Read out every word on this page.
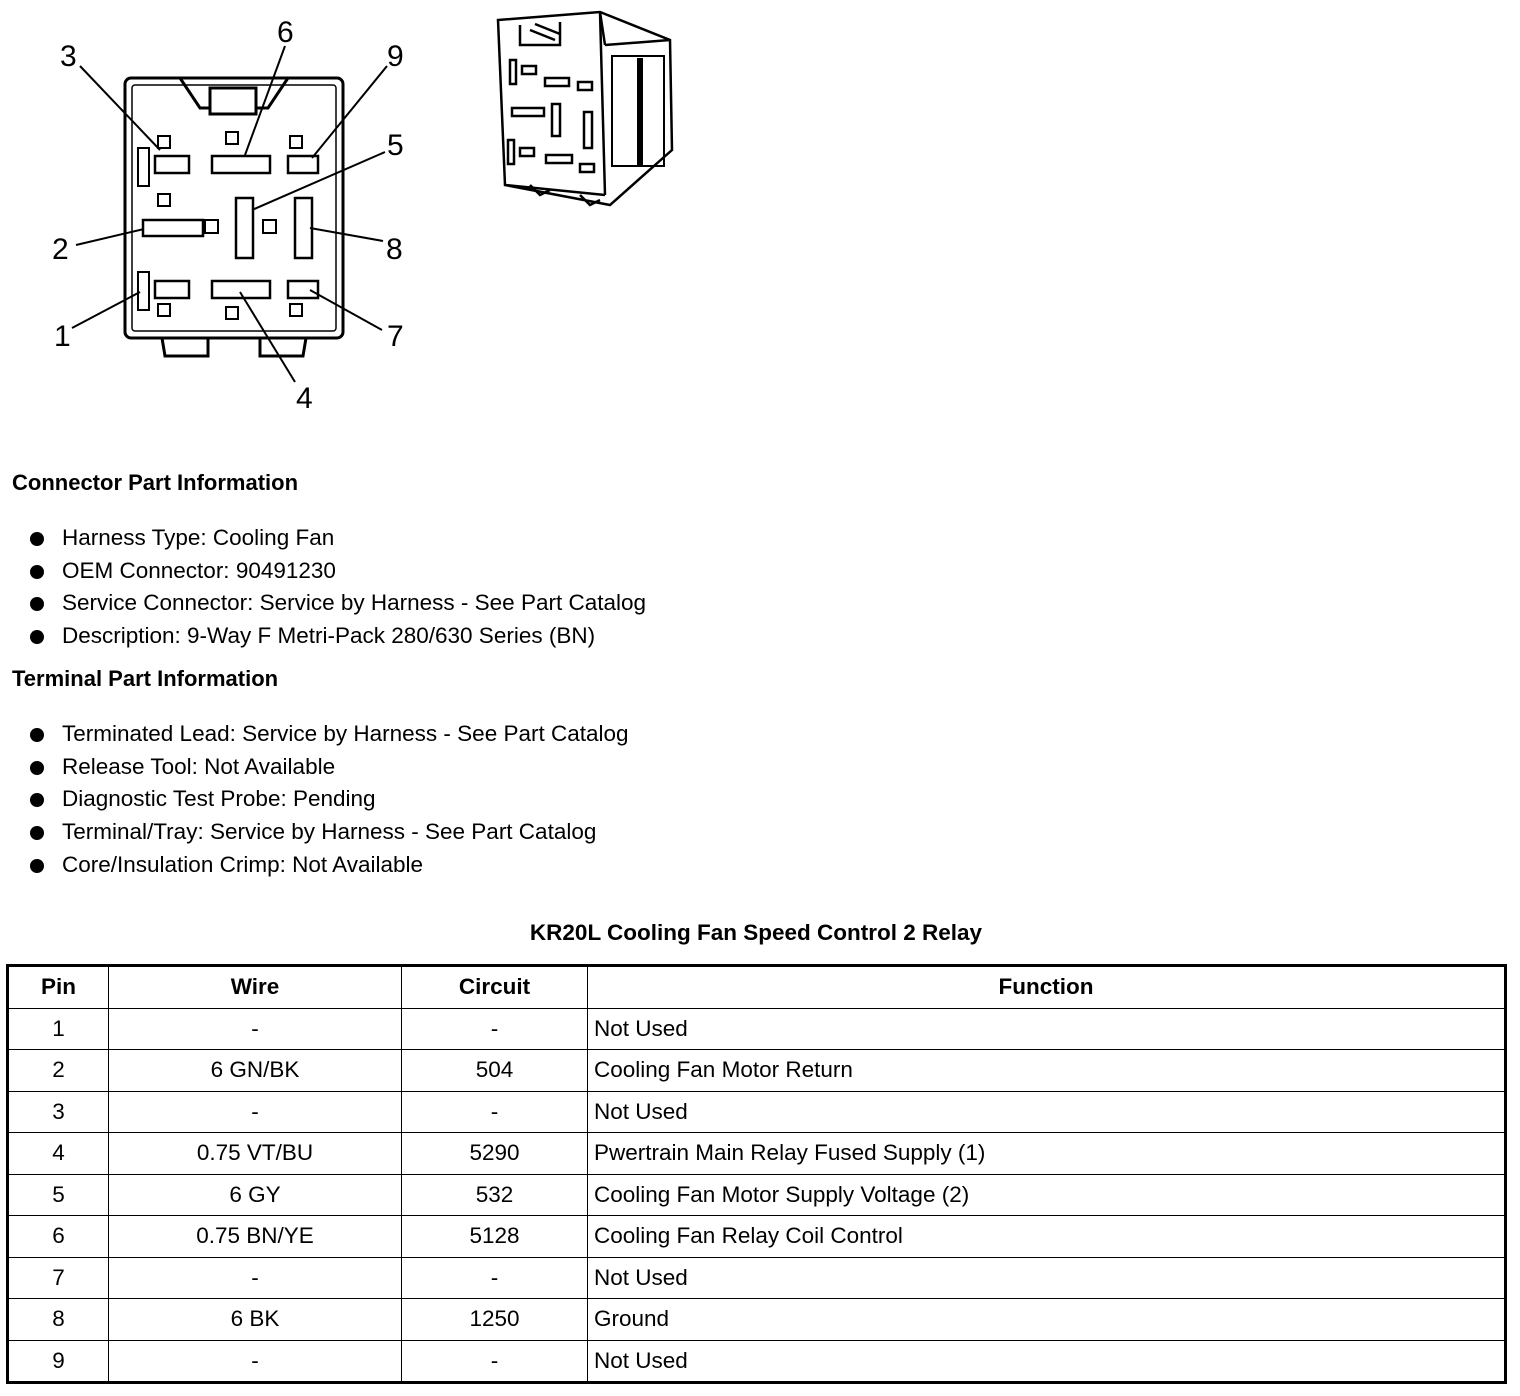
3
6
9
5
2	8
1	7
4
Connector Part Information
Harness Type: Cooling Fan
OEM Connector: 90491230
Service Connector: Service by Harness - See Part Catalog
Description: 9-Way F Metri-Pack 280/630 Series (BN)
Terminal Part Information
Terminated Lead: Service by Harness - See Part Catalog
Release Tool: Not Available
Diagnostic Test Probe: Pending
Terminal/Tray: Service by Harness - See Part Catalog
Core/Insulation Crimp: Not Available
KR20L Cooling Fan Speed Control 2 Relay
Pin	Wire	Circuit	Function
1	-	-	Not Used
2	6 GN/BK	504	Cooling Fan Motor Return
3	-	-	Not Used
4	0.75 VT/BU	5290	Pwertrain Main Relay Fused Supply (1)
5	6 GY	532	Cooling Fan Motor Supply Voltage (2)
6	0.75 BN/YE	5128	Cooling Fan Relay Coil Control
7	-	-	Not Used
8	6 BK	1250	Ground
9	-	-	Not Used
